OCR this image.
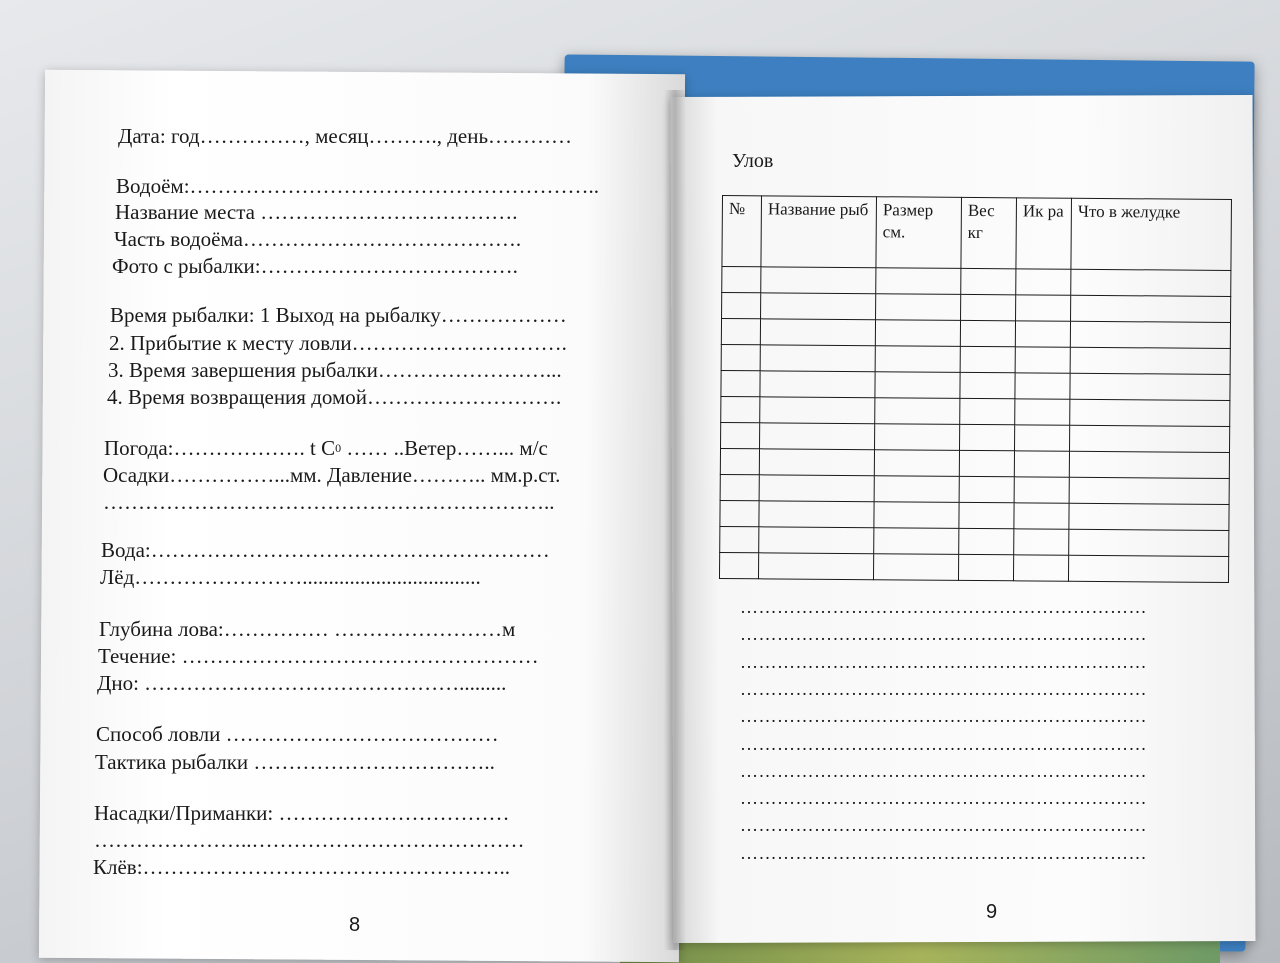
Дата: год……………, месяц………., день…………
Водоём:…………………………………………………..
Название места ……………………………….
Часть водоёма………………………………….
Фото с рыбалки:……………………………….
Время рыбалки: 1 Выход на рыбалку………………
2. Прибытие к месту ловли………………………….
3. Время завершения рыбалки……………………...
4. Время возвращения домой……………………….
Погода:………………. t $C^0$ …… ..Ветер……... м/с
Осадки……………...мм. Давление……….. мм.р.ст.
………………………………………………………..
Вода:…………………………………………………
Лёд……………………..................................
Глубина лова:…………… ……………………м
Течение: ……………………………………………
Дно: ……………………………………….........
Способ ловли …………………………………
Тактика рыбалки ……………………………..
Насадки/Приманки: ……………………………
…………………..…………………………………
Клёв:……………………………………………..
8
Улов
№	Название рыб	Размер см.	Вес кг	Ик ра	Что в желудке

…………………………………………………………
…………………………………………………………
…………………………………………………………
…………………………………………………………
…………………………………………………………
…………………………………………………………
…………………………………………………………
…………………………………………………………
…………………………………………………………
…………………………………………………………
9
